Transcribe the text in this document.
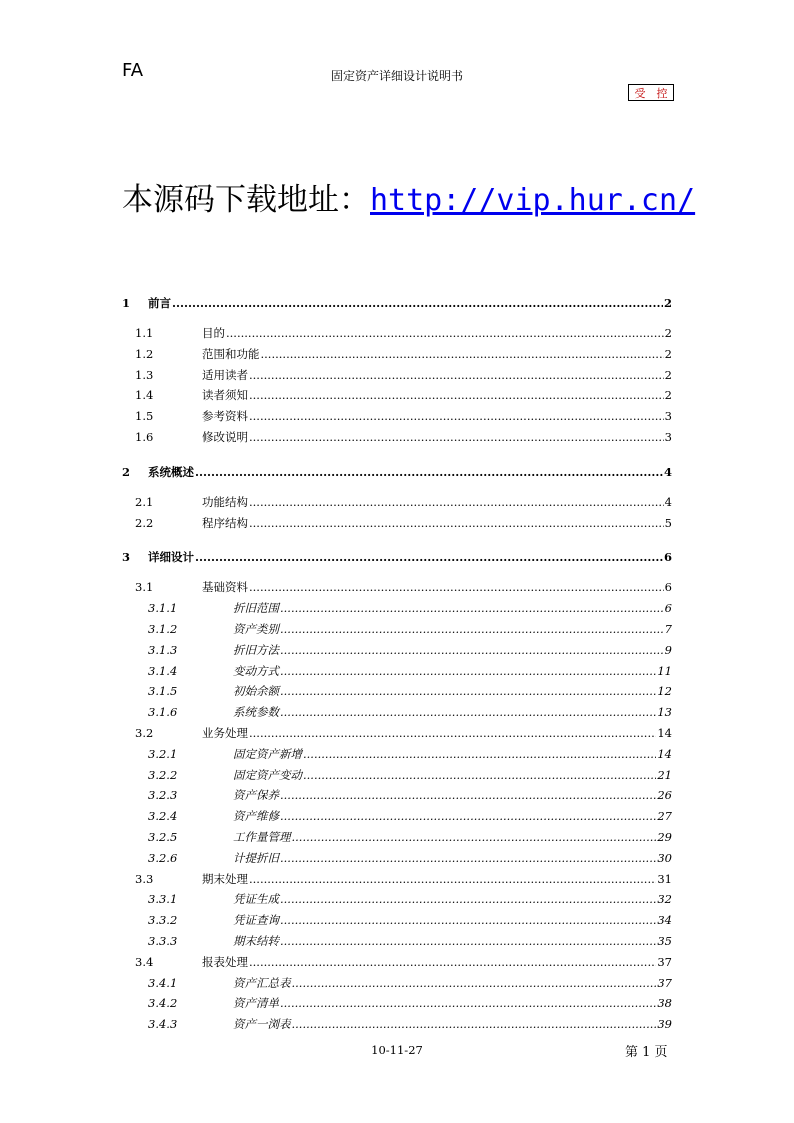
FA	固定资产详细设计说明书
受 控
本源码下载地址：http://vip.hur.cn/
1	前言 .....	2
1.1	目的 .....	2
1.2	范围和功能 .....	2
1.3	适用读者 .....	2
1.4	读者须知 .....	2
1.5	参考资料 .....	3
1.6	修改说明 .....	3
2	系统概述 .....	4
2.1	功能结构 .....	4
2.2	程序结构 .....	5
3	详细设计 .....	6
3.1	基础资料 .....	6
3.1.1	折旧范围 .....	6
3.1.2	资产类别 .....	7
3.1.3	折旧方法 .....	9
3.1.4	变动方式 .....	11
3.1.5	初始余额 .....	12
3.1.6	系统参数 .....	13
3.2	业务处理 .....	14
3.2.1	固定资产新增 .....	14
3.2.2	固定资产变动 .....	21
3.2.3	资产保养 .....	26
3.2.4	资产维修 .....	27
3.2.5	工作量管理 .....	29
3.2.6	计提折旧 .....	30
3.3	期末处理 .....	31
3.3.1	凭证生成 .....	32
3.3.2	凭证查询 .....	34
3.3.3	期末结转 .....	35
3.4	报表处理 .....	37
3.4.1	资产汇总表 .....	37
3.4.2	资产清单 .....	38
3.4.3	资产一浏表 .....	39
10-11-27	第 1 页
